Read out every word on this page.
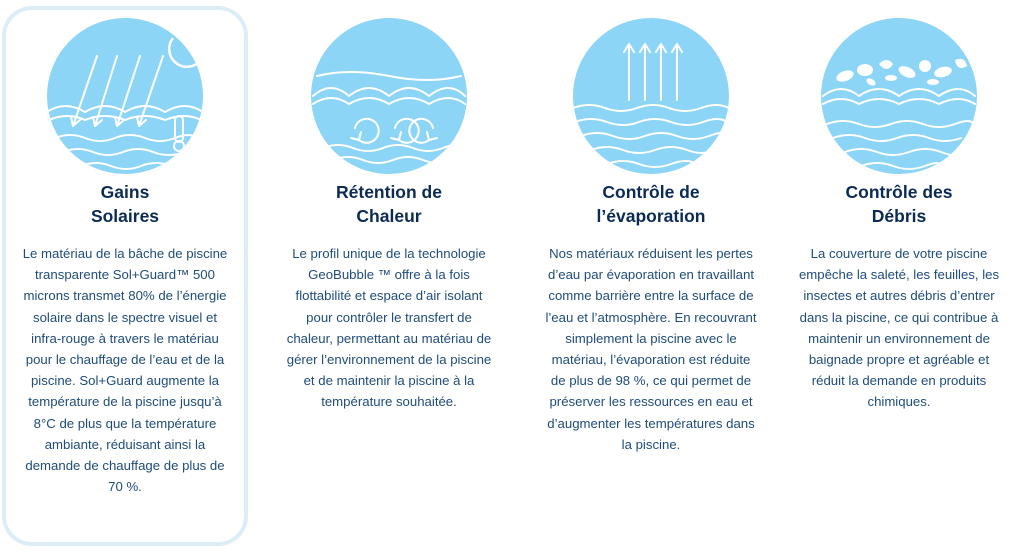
Gains
Solaires

Le matériau de la bâche de piscine transparente Sol+Guard™ 500 microns transmet 80% de l’énergie solaire dans le spectre visuel et infra-rouge à travers le matériau pour le chauffage de l’eau et de la piscine. Sol+Guard augmente la température de la piscine jusqu’à 8°C de plus que la température ambiante, réduisant ainsi la demande de chauffage de plus de 70 %.

Rétention de
Chaleur

Le profil unique de la technologie GeoBubble ™ offre à la fois flottabilité et espace d’air isolant pour contrôler le transfert de chaleur, permettant au matériau de gérer l’environnement de la piscine et de maintenir la piscine à la température souhaitée.

Contrôle de
l’évaporation

Nos matériaux réduisent les pertes d’eau par évaporation en travaillant comme barrière entre la surface de l’eau et l’atmosphère. En recouvrant simplement la piscine avec le matériau, l’évaporation est réduite de plus de 98 %, ce qui permet de préserver les ressources en eau et d’augmenter les températures dans la piscine.

Contrôle des
Débris

La couverture de votre piscine empêche la saleté, les feuilles, les insectes et autres débris d’entrer dans la piscine, ce qui contribue à maintenir un environnement de baignade propre et agréable et réduit la demande en produits chimiques.
